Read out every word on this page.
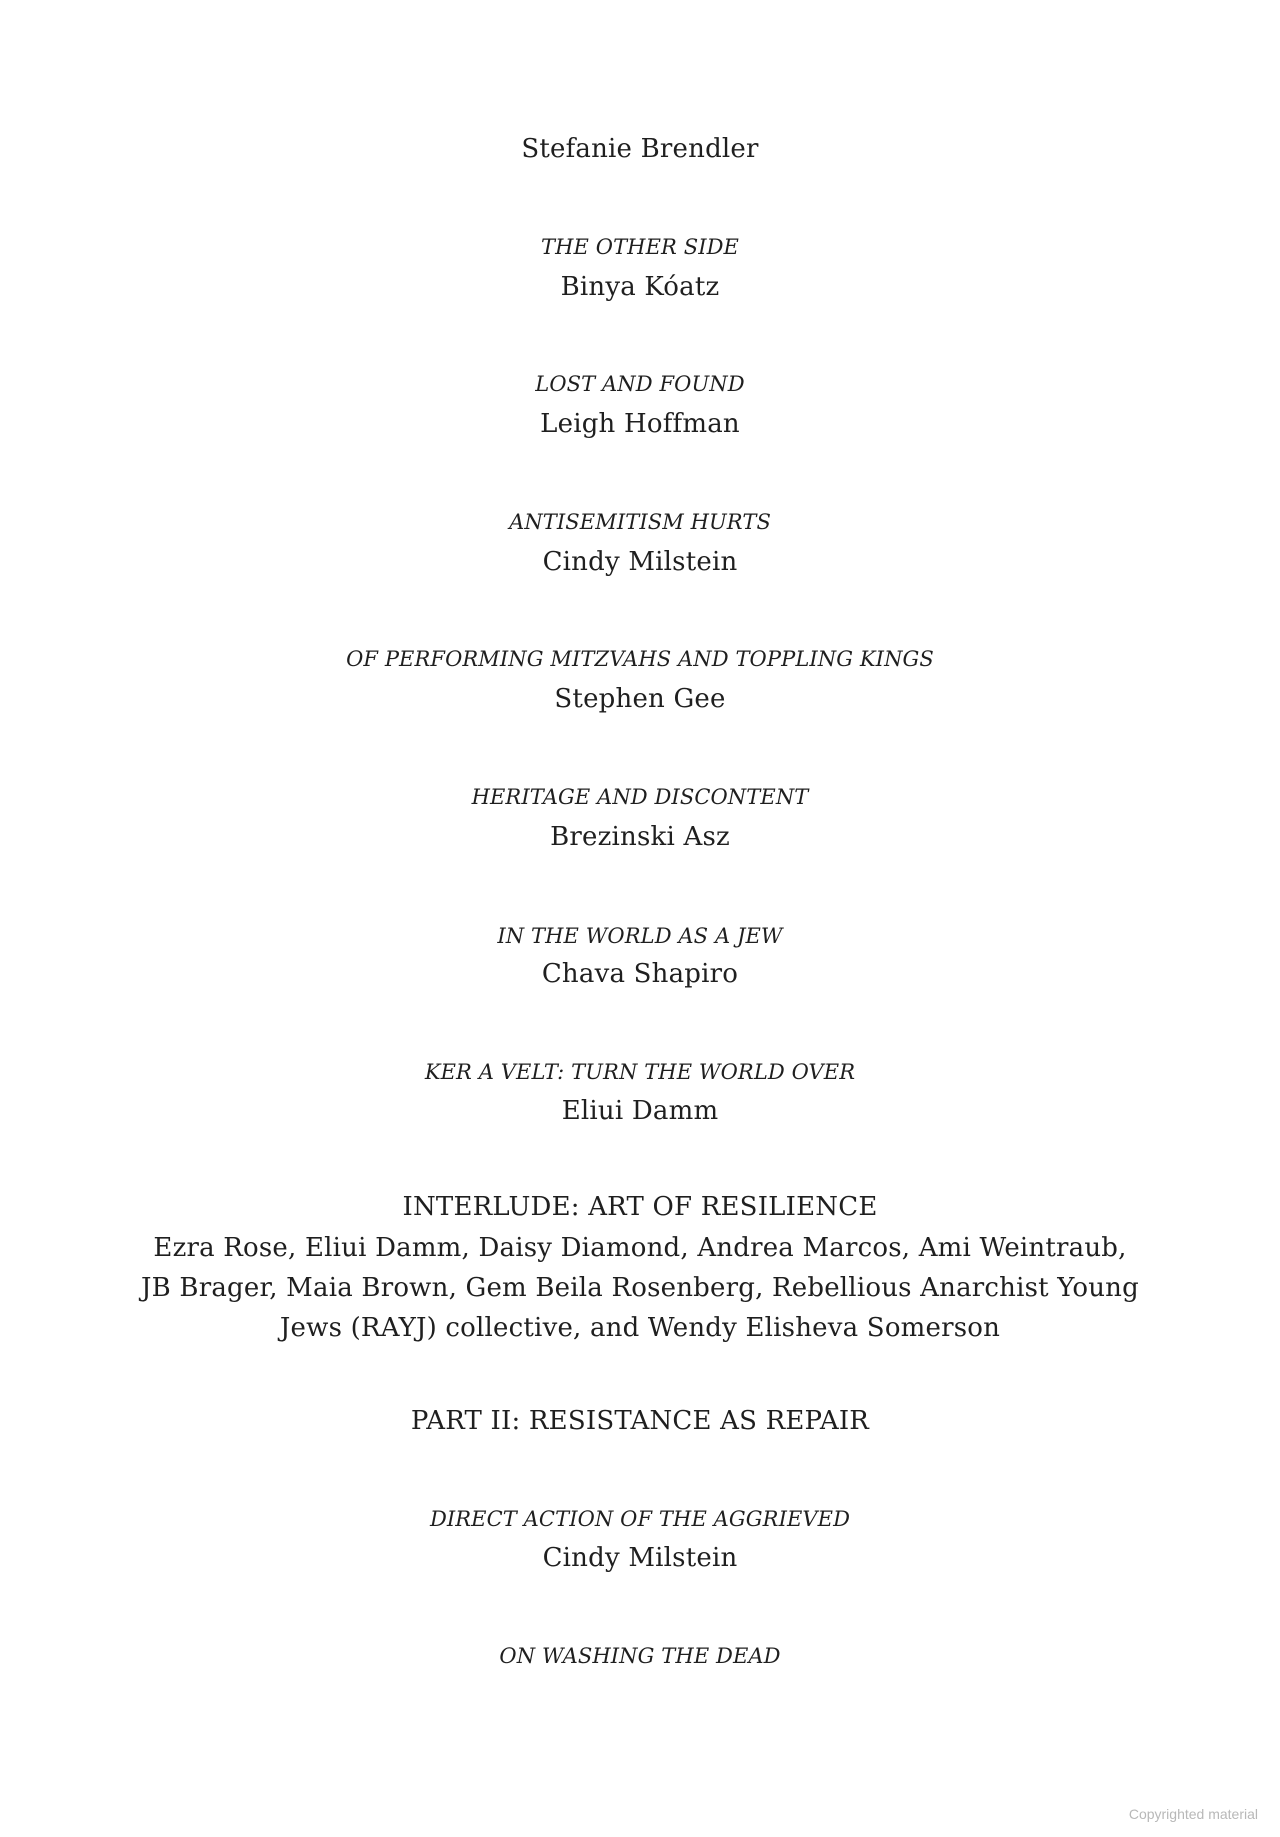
Stefanie Brendler
THE OTHER SIDE
Binya Kóatz
LOST AND FOUND
Leigh Hoffman
ANTISEMITISM HURTS
Cindy Milstein
OF PERFORMING MITZVAHS AND TOPPLING KINGS
Stephen Gee
HERITAGE AND DISCONTENT
Brezinski Asz
IN THE WORLD AS A JEW
Chava Shapiro
KER A VELT: TURN THE WORLD OVER
Eliui Damm
INTERLUDE: ART OF RESILIENCE
Ezra Rose, Eliui Damm, Daisy Diamond, Andrea Marcos, Ami Weintraub, JB Brager, Maia Brown, Gem Beila Rosenberg, Rebellious Anarchist Young Jews (RAYJ) collective, and Wendy Elisheva Somerson
PART II: RESISTANCE AS REPAIR
DIRECT ACTION OF THE AGGRIEVED
Cindy Milstein
ON WASHING THE DEAD
Copyrighted material
